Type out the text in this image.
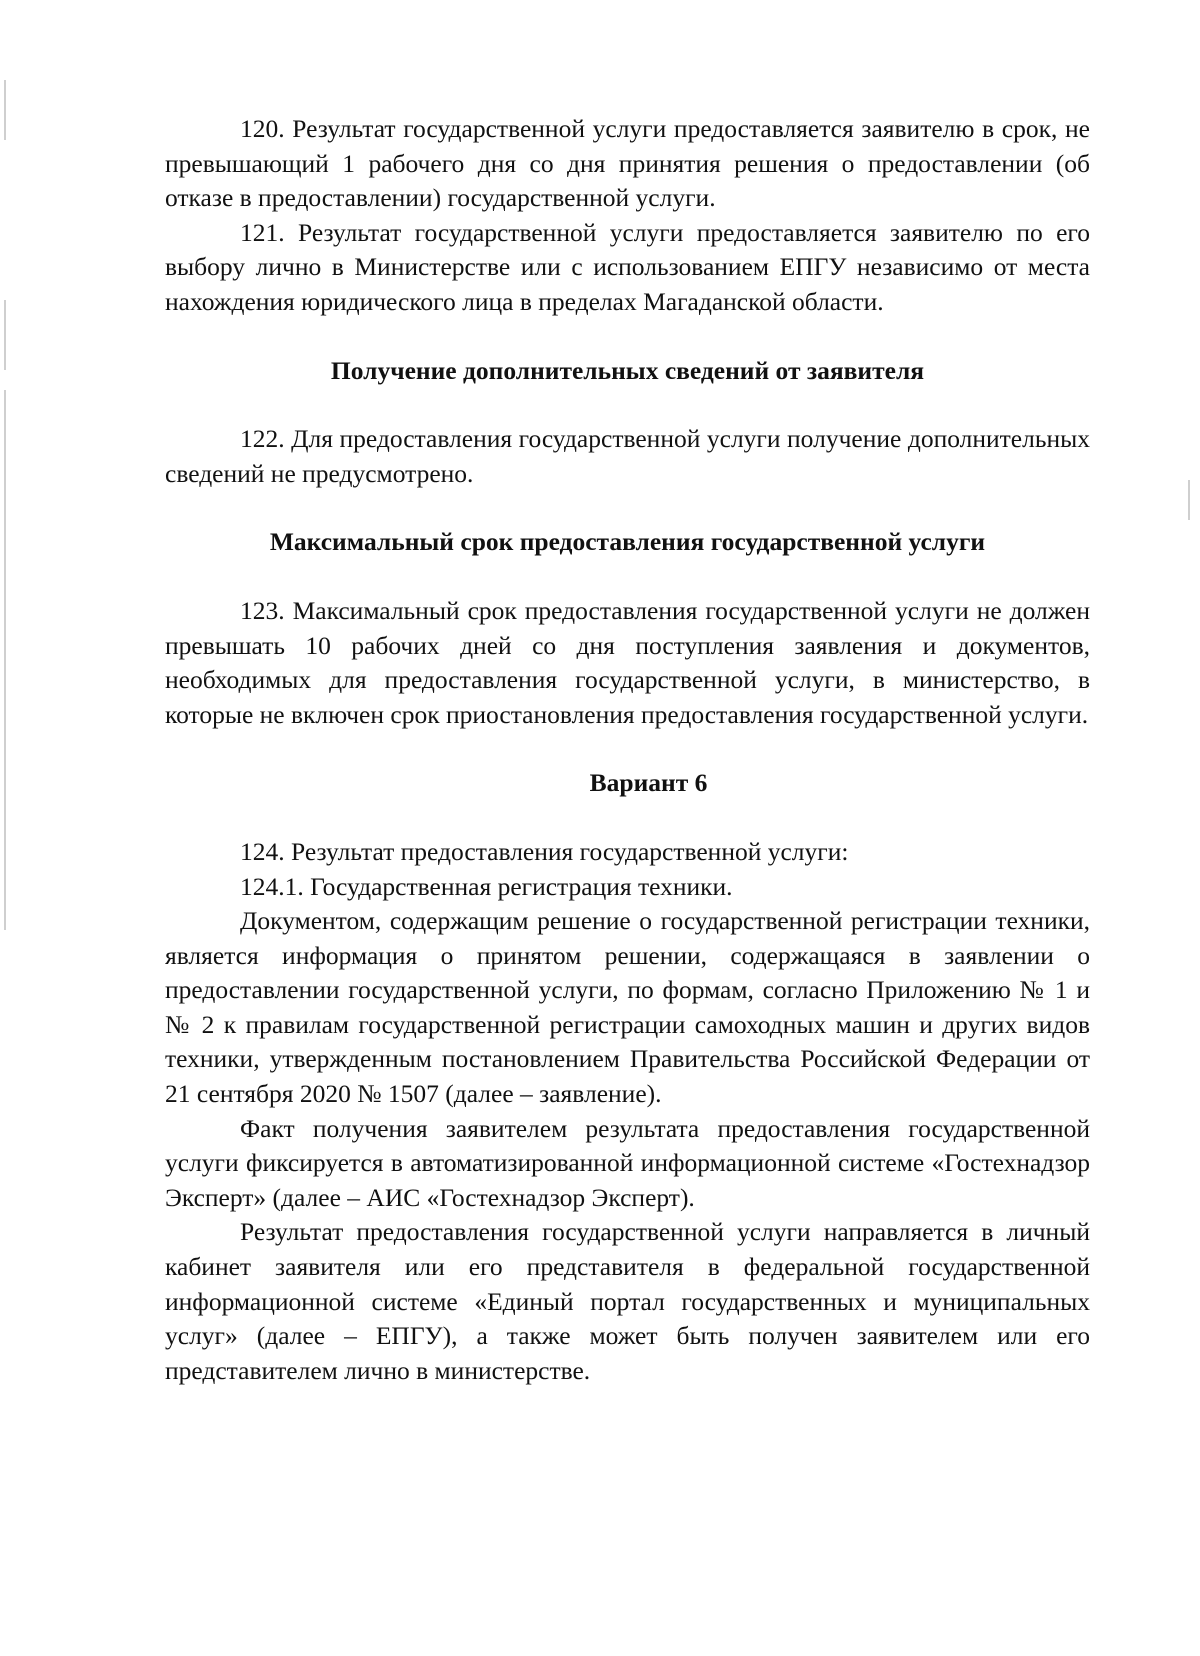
120. Результат государственной услуги предоставляется заявителю в срок, не превышающий 1 рабочего дня со дня принятия решения о предоставлении (об отказе в предоставлении) государственной услуги.

121. Результат государственной услуги предоставляется заявителю по его выбору лично в Министерстве или с использованием ЕПГУ независимо от места нахождения юридического лица в пределах Магаданской области.

Получение дополнительных сведений от заявителя

122. Для предоставления государственной услуги получение дополнительных сведений не предусмотрено.

Максимальный срок предоставления государственной услуги

123. Максимальный срок предоставления государственной услуги не должен превышать 10 рабочих дней со дня поступления заявления и документов, необходимых для предоставления государственной услуги, в министерство, в которые не включен срок приостановления предоставления государственной услуги.

Вариант 6

124. Результат предоставления государственной услуги:

124.1. Государственная регистрация техники.

Документом, содержащим решение о государственной регистрации техники, является информация о принятом решении, содержащаяся в заявлении о предоставлении государственной услуги, по формам, согласно Приложению № 1 и № 2 к правилам государственной регистрации самоходных машин и других видов техники, утвержденным постановлением Правительства Российской Федерации от 21 сентября 2020 № 1507 (далее – заявление).

Факт получения заявителем результата предоставления государственной услуги фиксируется в автоматизированной информационной системе «Гостехнадзор Эксперт» (далее – АИС «Гостехнадзор Эксперт).

Результат предоставления государственной услуги направляется в личный кабинет заявителя или его представителя в федеральной государственной информационной системе «Единый портал государственных и муниципальных услуг» (далее – ЕПГУ), а также может быть получен заявителем или его представителем лично в министерстве.
